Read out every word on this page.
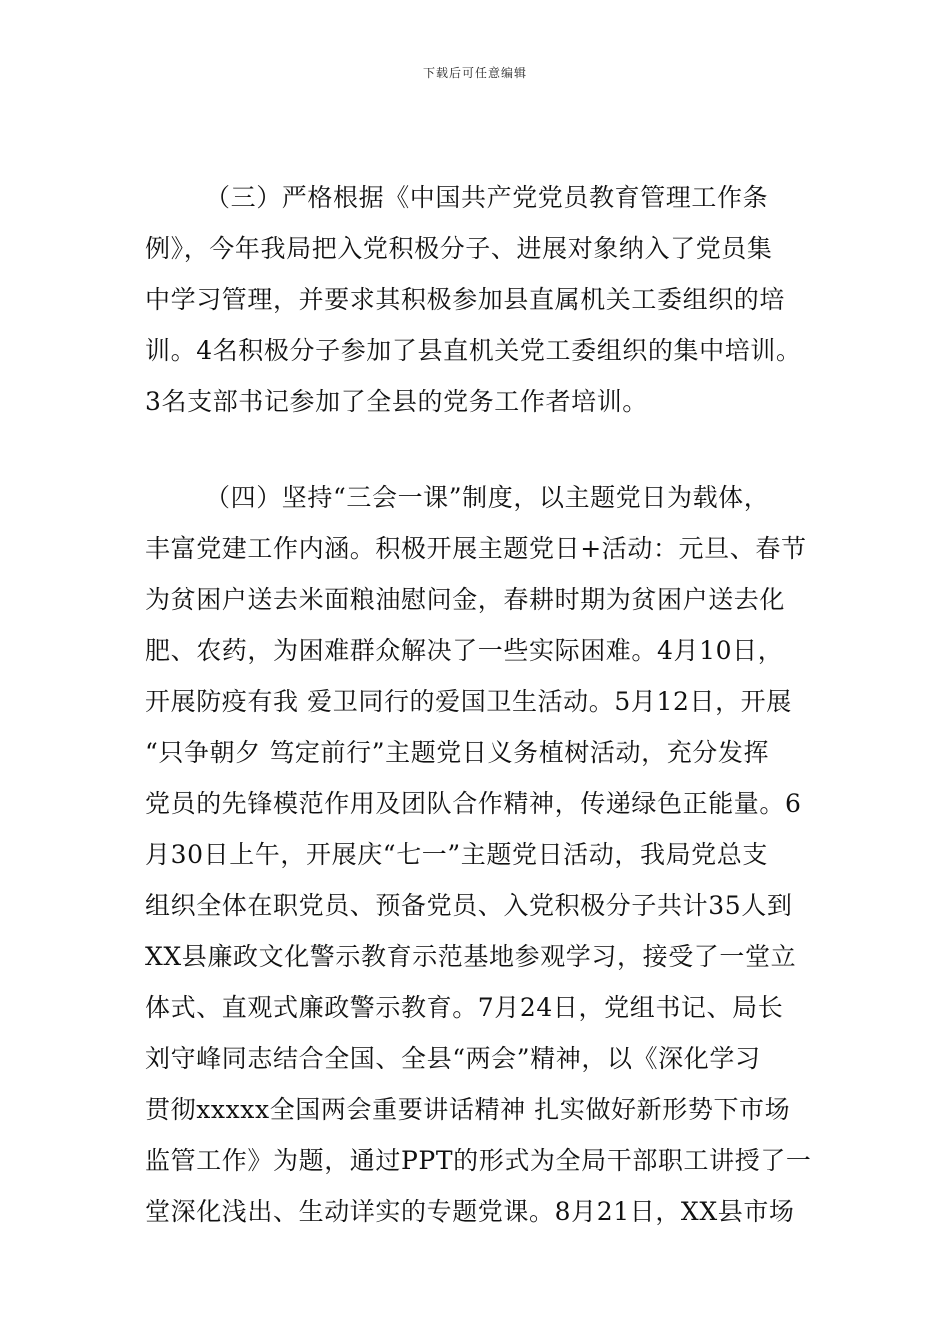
下载后可任意编辑
（三）严格根据《中国共产党党员教育管理工作条
例》，今年我局把入党积极分子、进展对象纳入了党员集
中学习管理，并要求其积极参加县直属机关工委组织的培
训。4名积极分子参加了县直机关党工委组织的集中培训。
3名支部书记参加了全县的党务工作者培训。
（四）坚持“三会一课”制度，以主题党日为载体，
丰富党建工作内涵。积极开展主题党日+活动：元旦、春节
为贫困户送去米面粮油慰问金，春耕时期为贫困户送去化
肥、农药，为困难群众解决了一些实际困难。4月10日，
开展防疫有我 爱卫同行的爱国卫生活动。5月12日，开展
“只争朝夕 笃定前行”主题党日义务植树活动，充分发挥
党员的先锋模范作用及团队合作精神，传递绿色正能量。6
月30日上午，开展庆“七一”主题党日活动，我局党总支
组织全体在职党员、预备党员、入党积极分子共计35人到
XX县廉政文化警示教育示范基地参观学习，接受了一堂立
体式、直观式廉政警示教育。7月24日，党组书记、局长
刘守峰同志结合全国、全县“两会”精神，以《深化学习
贯彻xxxxx全国两会重要讲话精神 扎实做好新形势下市场
监管工作》为题，通过PPT的形式为全局干部职工讲授了一
堂深化浅出、生动详实的专题党课。8月21日，XX县市场
